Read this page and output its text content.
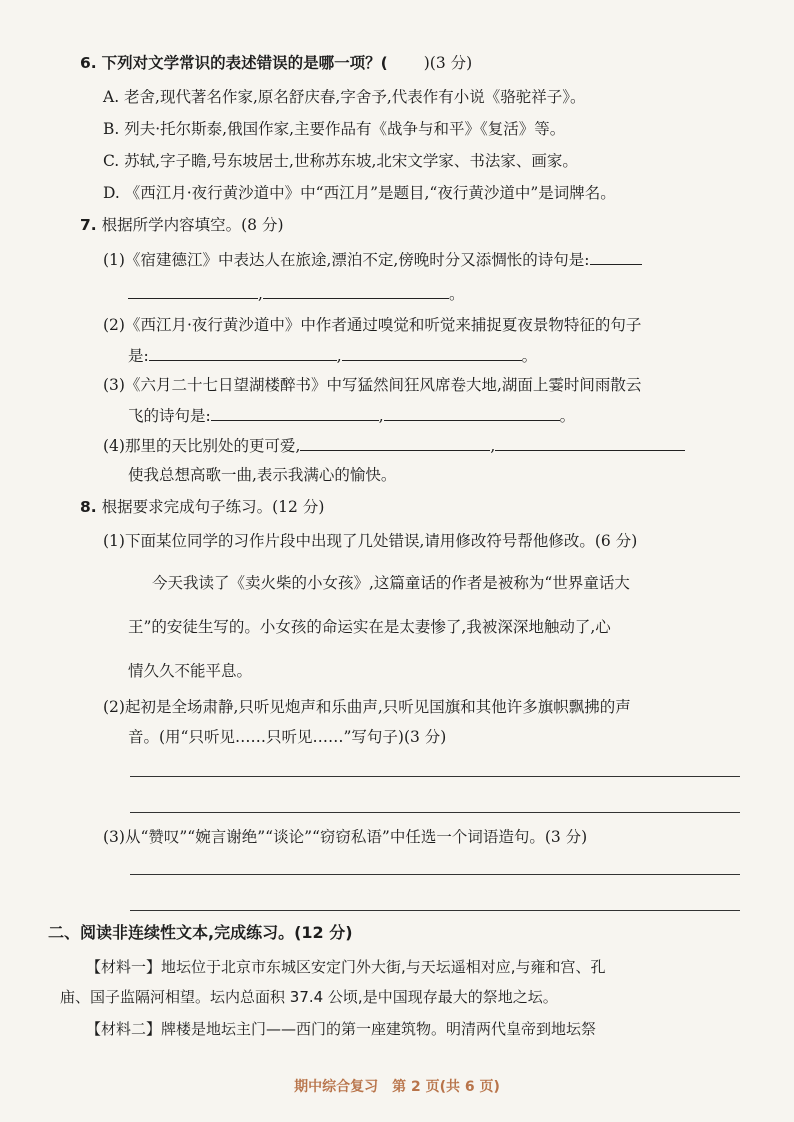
6. 下列对文学常识的表述错误的是哪一项？( )(3 分)
A. 老舍,现代著名作家,原名舒庆春,字舍予,代表作有小说《骆驼祥子》。
B. 列夫·托尔斯泰,俄国作家,主要作品有《战争与和平》《复活》等。
C. 苏轼,字子瞻,号东坡居士,世称苏东坡,北宋文学家、书法家、画家。
D. 《西江月·夜行黄沙道中》中“西江月”是题目,“夜行黄沙道中”是词牌名。
7. 根据所学内容填空。(8 分)
(1)《宿建德江》中表达人在旅途,漂泊不定,傍晚时分又添惆怅的诗句是:
,	。
(2)《西江月·夜行黄沙道中》中作者通过嗅觉和听觉来捕捉夏夜景物特征的句子
是:	,	。
(3)《六月二十七日望湖楼醉书》中写猛然间狂风席卷大地,湖面上霎时间雨散云
飞的诗句是:	,	。
(4)那里的天比别处的更可爱,	,
使我总想高歌一曲,表示我满心的愉快。
8. 根据要求完成句子练习。(12 分)
(1)下面某位同学的习作片段中出现了几处错误,请用修改符号帮他修改。(6 分)
今天我读了《卖火柴的小女孩》,这篇童话的作者是被称为“世界童话大
王”的安徒生写的。小女孩的命运实在是太妻惨了,我被深深地触动了,心
情久久不能平息。
(2)起初是全场肃静,只听见炮声和乐曲声,只听见国旗和其他许多旗帜飘拂的声
音。(用“只听见……只听见……”写句子)(3 分)
(3)从“赞叹”“婉言谢绝”“谈论”“窃窃私语”中任选一个词语造句。(3 分)
二、阅读非连续性文本,完成练习。(12 分)
【材料一】地坛位于北京市东城区安定门外大街,与天坛遥相对应,与雍和宫、孔
庙、国子监隔河相望。坛内总面积 37.4 公顷,是中国现存最大的祭地之坛。
【材料二】牌楼是地坛主门——西门的第一座建筑物。明清两代皇帝到地坛祭
期中综合复习　第 2 页(共 6 页)
